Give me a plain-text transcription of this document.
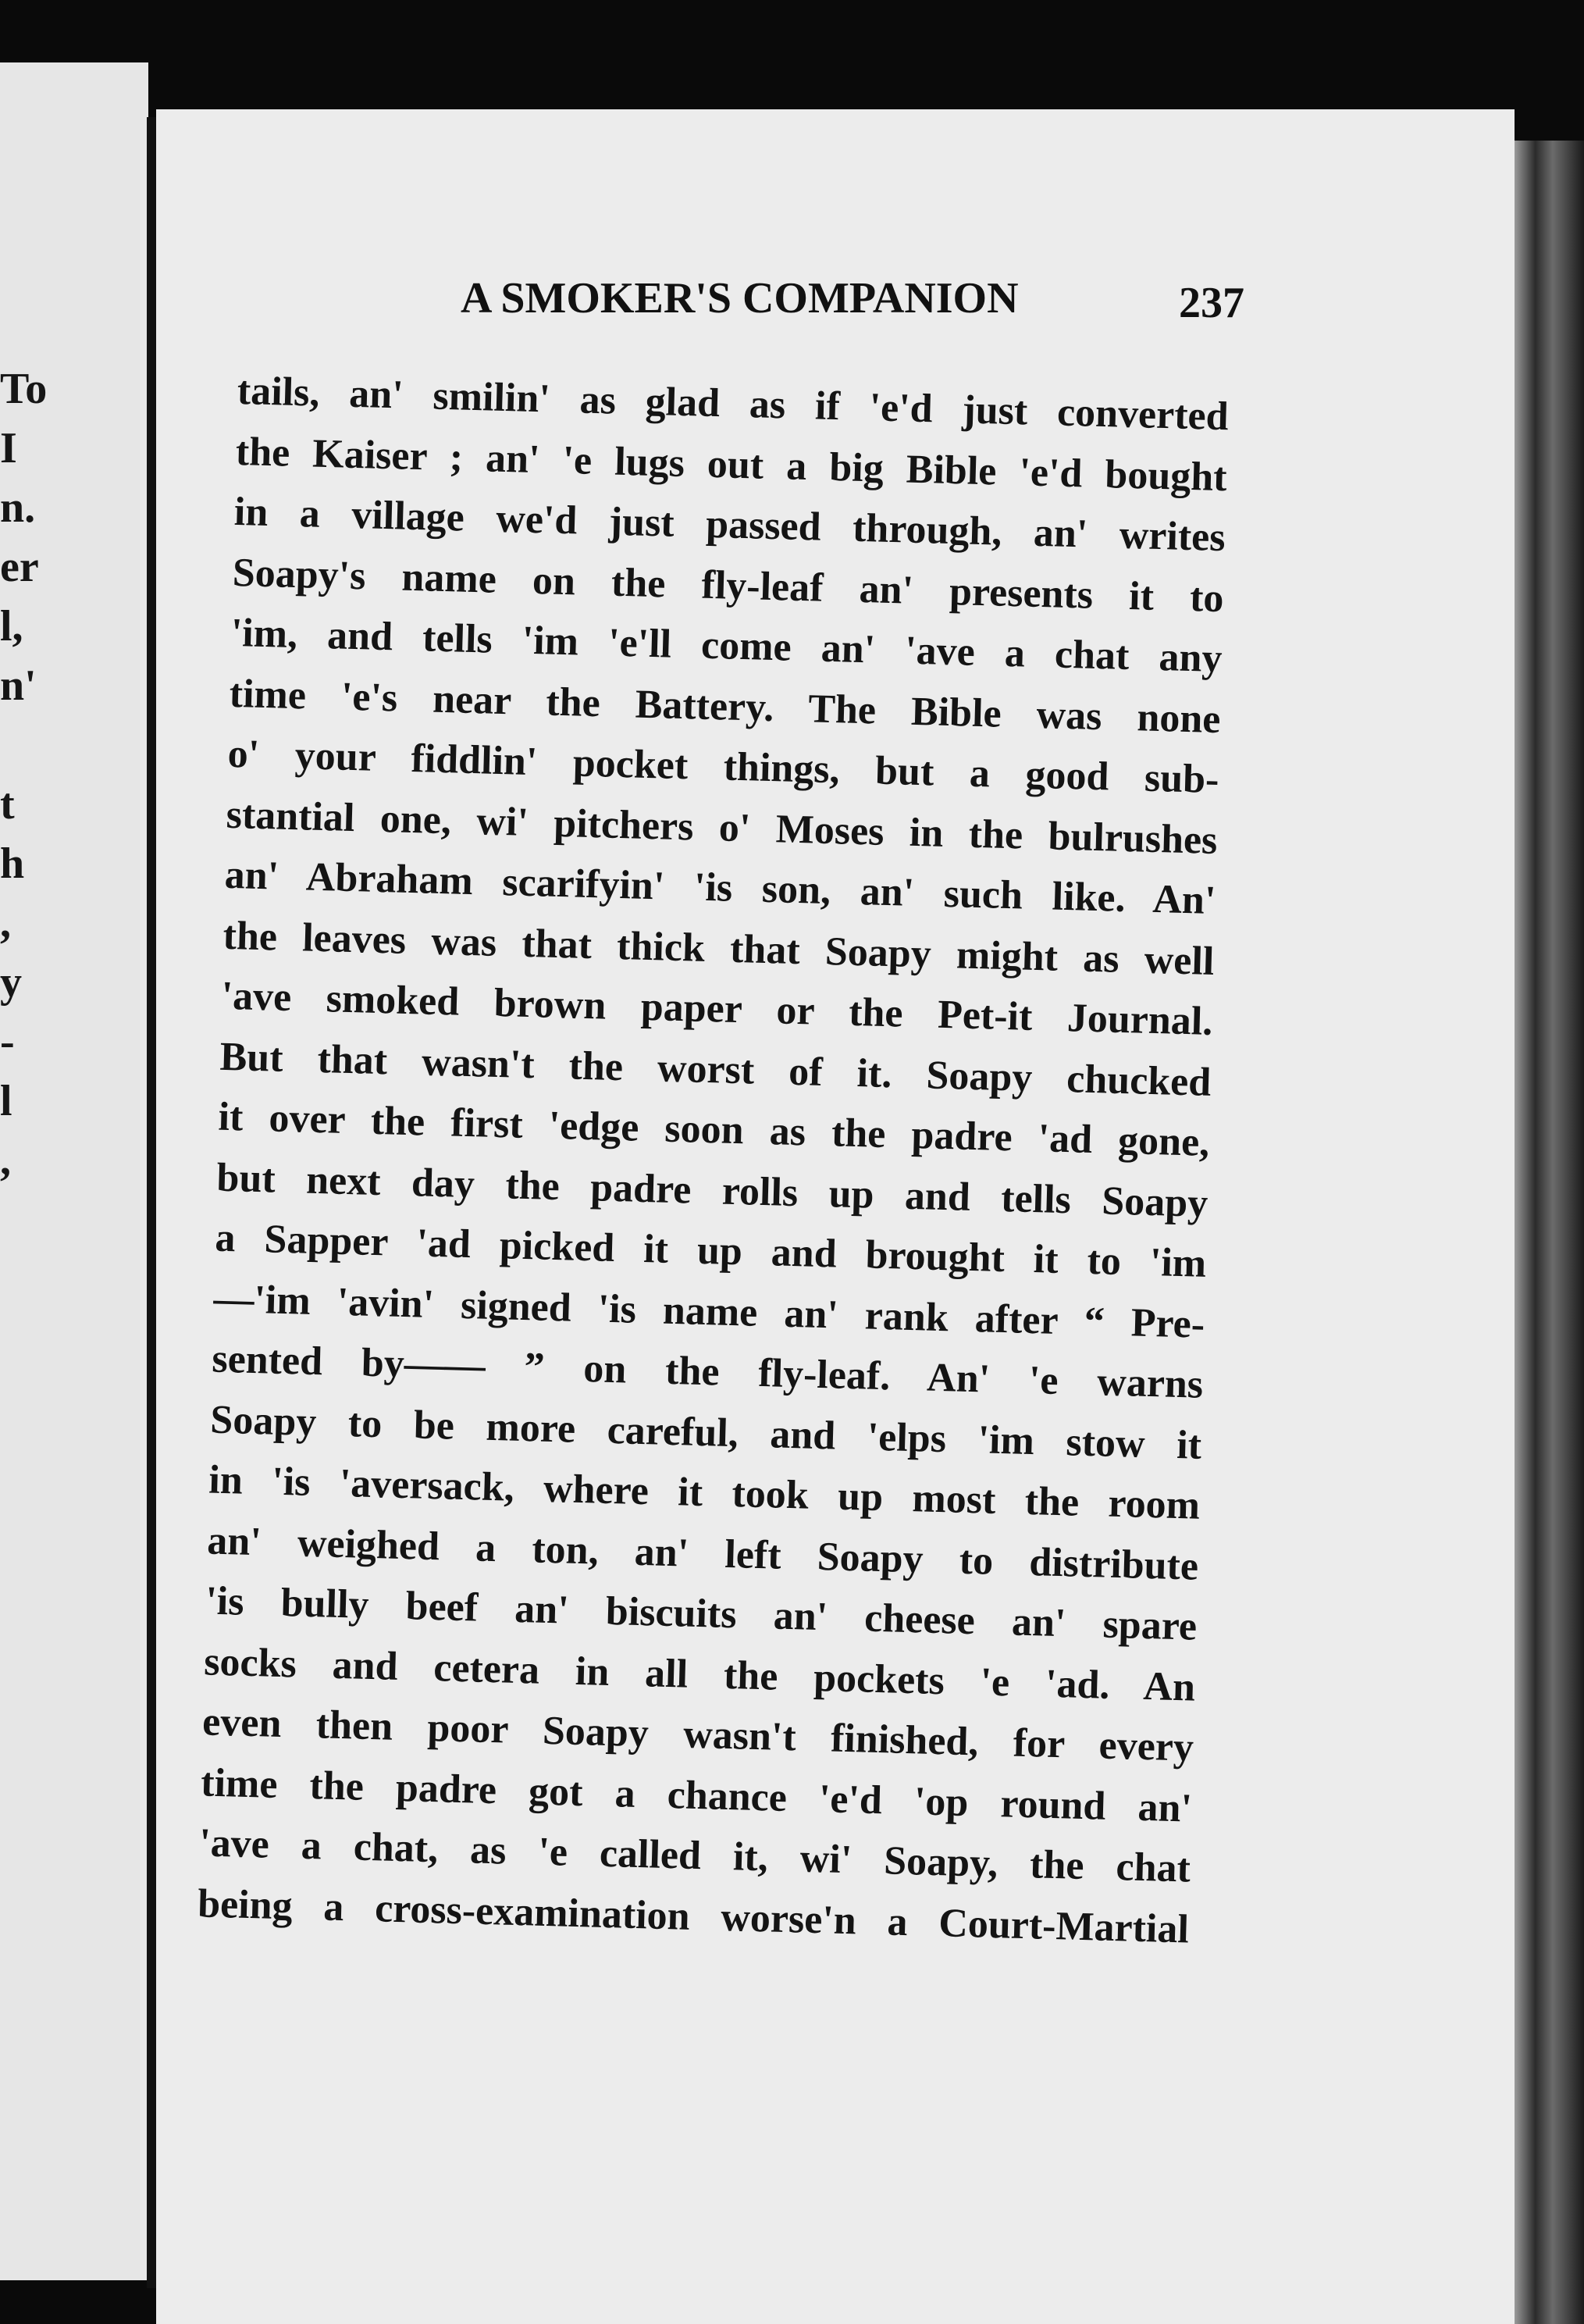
To
I
n.
er
l,
n'
t
h
,
y
-
l
,
A SMOKER'S COMPANION	237
tails, an' smilin' as glad as if 'e'd just converted
the Kaiser ; an' 'e lugs out a big Bible 'e'd bought
in a village we'd just passed through, an' writes
Soapy's name on the fly-leaf an' presents it to
'im, and tells 'im 'e'll come an' 'ave a chat any
time 'e's near the Battery. The Bible was none
o' your fiddlin' pocket things, but a good sub-
stantial one, wi' pitchers o' Moses in the bulrushes
an' Abraham scarifyin' 'is son, an' such like. An'
the leaves was that thick that Soapy might as well
'ave smoked brown paper or the Pet-it Journal.
But that wasn't the worst of it. Soapy chucked
it over the first 'edge soon as the padre 'ad gone,
but next day the padre rolls up and tells Soapy
a Sapper 'ad picked it up and brought it to 'im
—'im 'avin' signed 'is name an' rank after “ Pre-
sented by—— ” on the fly-leaf. An' 'e warns
Soapy to be more careful, and 'elps 'im stow it
in 'is 'aversack, where it took up most the room
an' weighed a ton, an' left Soapy to distribute
'is bully beef an' biscuits an' cheese an' spare
socks and cetera in all the pockets 'e 'ad. An
even then poor Soapy wasn't finished, for every
time the padre got a chance 'e'd 'op round an'
'ave a chat, as 'e called it, wi' Soapy, the chat
being a cross-examination worse'n a Court-Martial
